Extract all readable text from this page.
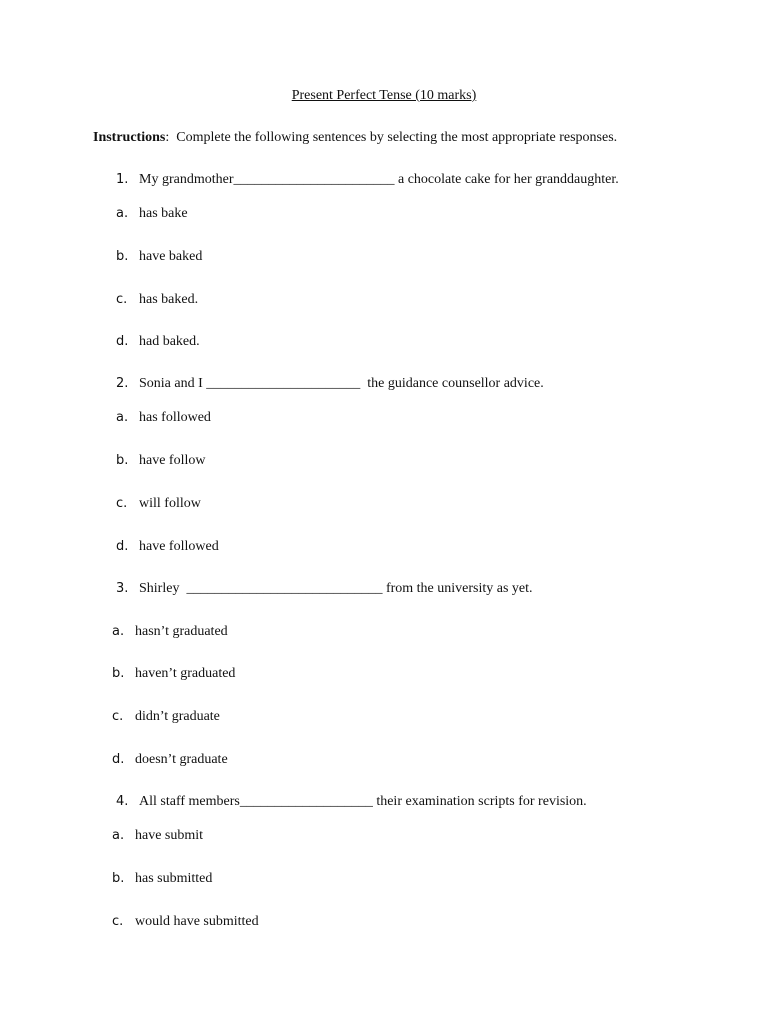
Present Perfect Tense (10 marks)
Instructions:  Complete the following sentences by selecting the most appropriate responses.
1. My grandmother_______________________ a chocolate cake for her granddaughter.
a. has bake
b. have baked
c. has baked.
d. had baked.
2. Sonia and I ______________________  the guidance counsellor advice.
a. has followed
b. have follow
c. will follow
d. have followed
3. Shirley  ____________________________ from the university as yet.
a. hasn’t graduated
b. haven’t graduated
c. didn’t graduate
d. doesn’t graduate
4. All staff members___________________ their examination scripts for revision.
a. have submit
b. has submitted
c. would have submitted
